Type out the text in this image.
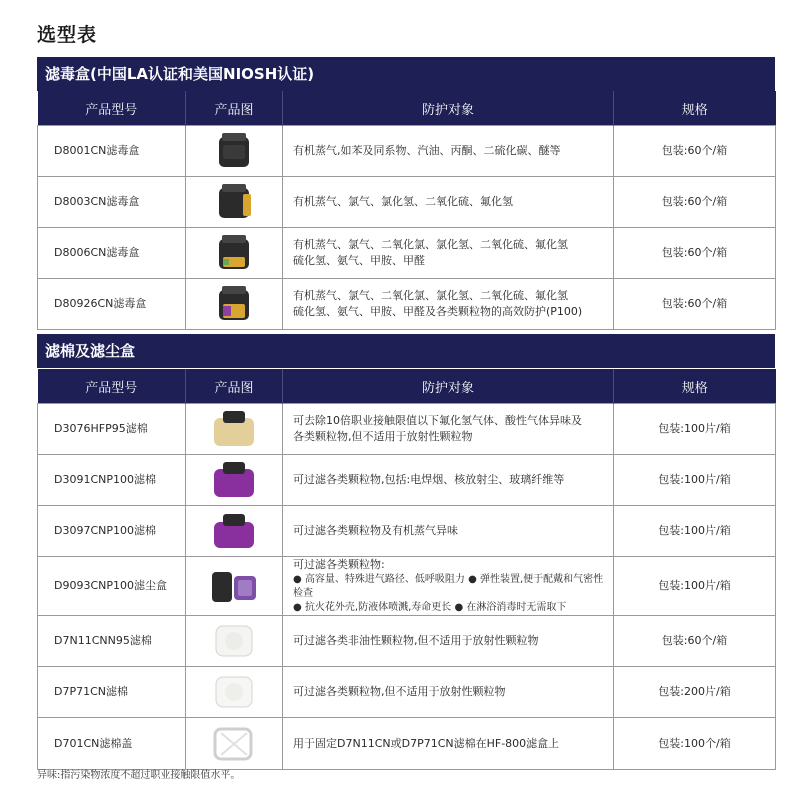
选型表
滤毒盒(中国LA认证和美国NIOSH认证)
产品型号	产品图	防护对象	规格
D8001CN滤毒盒		有机蒸气,如苯及同系物、汽油、丙酮、二硫化碳、醚等	包装:60个/箱
D8003CN滤毒盒		有机蒸气、氯气、氯化氢、二氧化硫、氟化氢	包装:60个/箱
D8006CN滤毒盒		有机蒸气、氯气、二氧化氯、氯化氢、二氧化硫、氟化氢
硫化氢、氨气、甲胺、甲醛	包装:60个/箱
D80926CN滤毒盒		有机蒸气、氯气、二氧化氯、氯化氢、二氧化硫、氟化氢
硫化氢、氨气、甲胺、甲醛及各类颗粒物的高效防护(P100)	包装:60个/箱
滤棉及滤尘盒
产品型号	产品图	防护对象	规格
D3076HFP95滤棉		可去除10倍职业接触限值以下氟化氢气体、酸性气体异味及
各类颗粒物,但不适用于放射性颗粒物	包装:100片/箱
D3091CNP100滤棉		可过滤各类颗粒物,包括:电焊烟、核放射尘、玻璃纤维等	包装:100片/箱
D3097CNP100滤棉		可过滤各类颗粒物及有机蒸气异味	包装:100片/箱
D9093CNP100滤尘盒		可过滤各类颗粒物:
● 高容量、特殊进气路径、低呼吸阻力 ● 弹性装置,便于配戴和气密性检查
● 抗火花外壳,防液体喷溅,寿命更长 ● 在淋浴消毒时无需取下	包装:100片/箱
D7N11CNN95滤棉		可过滤各类非油性颗粒物,但不适用于放射性颗粒物	包装:60个/箱
D7P71CN滤棉		可过滤各类颗粒物,但不适用于放射性颗粒物	包装:200片/箱
D701CN滤棉盖		用于固定D7N11CN或D7P71CN滤棉在HF-800滤盒上	包装:100个/箱
异味:指污染物浓度不超过职业接触限值水平。
